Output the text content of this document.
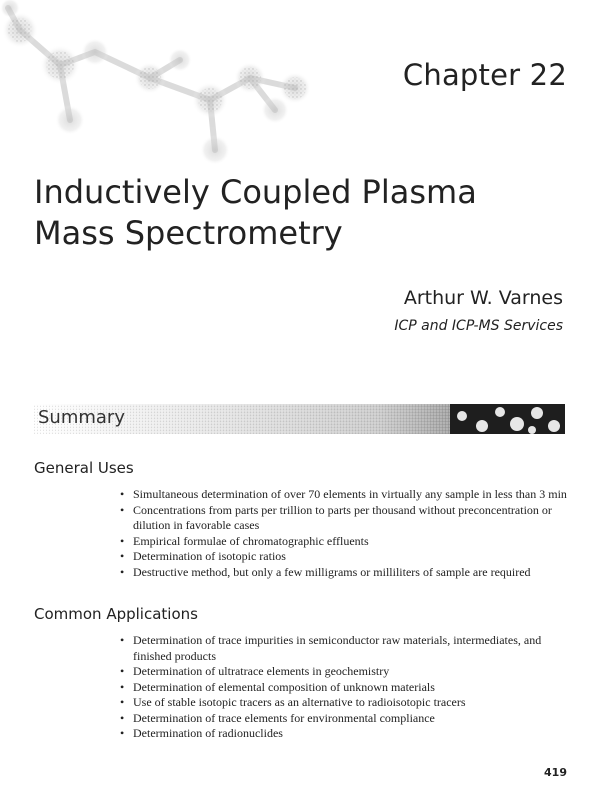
Chapter 22
Inductively Coupled Plasma
Mass Spectrometry
Arthur W. Varnes
ICP and ICP-MS Services
Summary
General Uses
• Simultaneous determination of over 70 elements in virtually any sample in less than 3 min
• Concentrations from parts per trillion to parts per thousand without preconcentration or dilution in favorable cases
• Empirical formulae of chromatographic effluents
• Determination of isotopic ratios
• Destructive method, but only a few milligrams or milliliters of sample are required
Common Applications
• Determination of trace impurities in semiconductor raw materials, intermediates, and finished products
• Determination of ultratrace elements in geochemistry
• Determination of elemental composition of unknown materials
• Use of stable isotopic tracers as an alternative to radioisotopic tracers
• Determination of trace elements for environmental compliance
• Determination of radionuclides
419
